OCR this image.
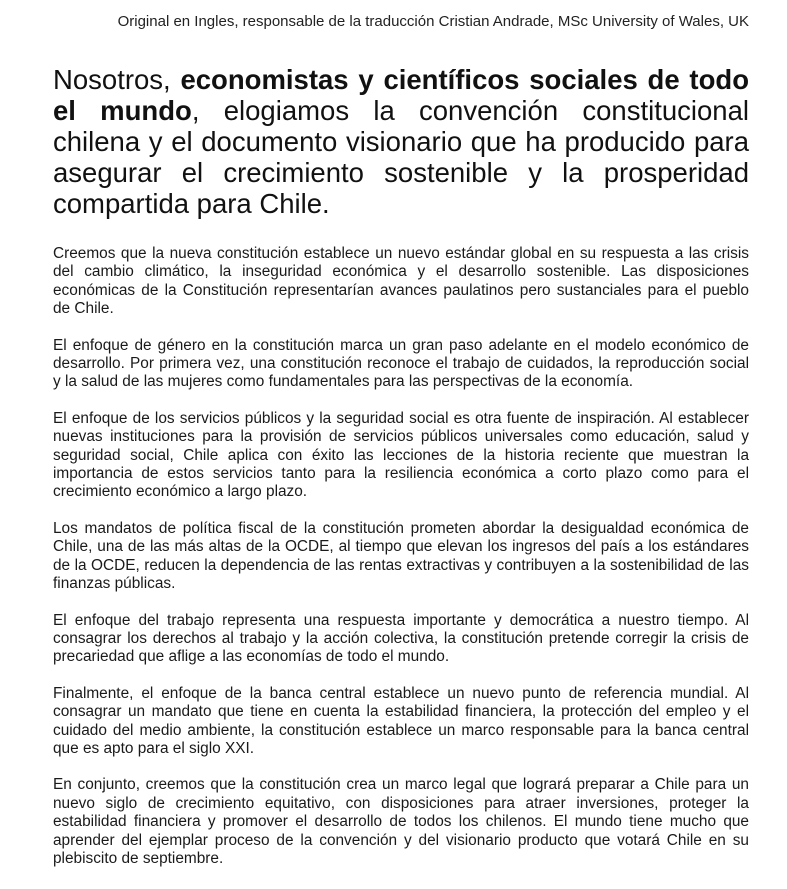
Original en Ingles, responsable de la traducción Cristian Andrade, MSc University of Wales, UK
Nosotros, economistas y científicos sociales de todo el mundo, elogiamos la convención constitucional chilena y el documento visionario que ha producido para asegurar el crecimiento sostenible y la prosperidad compartida para Chile.

Creemos que la nueva constitución establece un nuevo estándar global en su respuesta a las crisis del cambio climático, la inseguridad económica y el desarrollo sostenible. Las disposiciones económicas de la Constitución representarían avances paulatinos pero sustanciales para el pueblo de Chile.

El enfoque de género en la constitución marca un gran paso adelante en el modelo económico de desarrollo. Por primera vez, una constitución reconoce el trabajo de cuidados, la reproducción social y la salud de las mujeres como fundamentales para las perspectivas de la economía.

El enfoque de los servicios públicos y la seguridad social es otra fuente de inspiración. Al establecer nuevas instituciones para la provisión de servicios públicos universales como educación, salud y seguridad social, Chile aplica con éxito las lecciones de la historia reciente que muestran la importancia de estos servicios tanto para la resiliencia económica a corto plazo como para el crecimiento económico a largo plazo.

Los mandatos de política fiscal de la constitución prometen abordar la desigualdad económica de Chile, una de las más altas de la OCDE, al tiempo que elevan los ingresos del país a los estándares de la OCDE, reducen la dependencia de las rentas extractivas y contribuyen a la sostenibilidad de las finanzas públicas.

El enfoque del trabajo representa una respuesta importante y democrática a nuestro tiempo. Al consagrar los derechos al trabajo y la acción colectiva, la constitución pretende corregir la crisis de precariedad que aflige a las economías de todo el mundo.

Finalmente, el enfoque de la banca central establece un nuevo punto de referencia mundial. Al consagrar un mandato que tiene en cuenta la estabilidad financiera, la protección del empleo y el cuidado del medio ambiente, la constitución establece un marco responsable para la banca central que es apto para el siglo XXI.

En conjunto, creemos que la constitución crea un marco legal que logrará preparar a Chile para un nuevo siglo de crecimiento equitativo, con disposiciones para atraer inversiones, proteger la estabilidad financiera y promover el desarrollo de todos los chilenos. El mundo tiene mucho que aprender del ejemplar proceso de la convención y del visionario producto que votará Chile en su plebiscito de septiembre.
